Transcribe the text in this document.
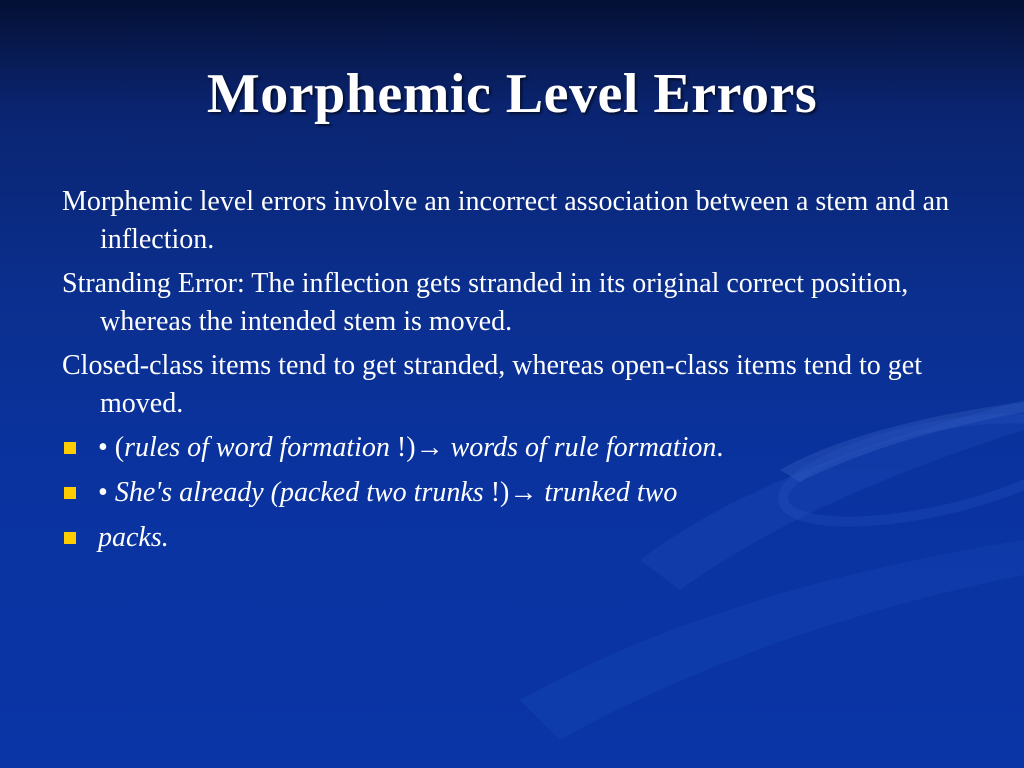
Morphemic Level Errors

Morphemic level errors involve an incorrect association between a stem and an inflection.

Stranding Error: The inflection gets stranded in its original correct position, whereas the intended stem is moved.

Closed-class items tend to get stranded, whereas open-class items tend to get moved.

• (rules of word formation !)→ words of rule formation.
• She's already (packed two trunks !)→ trunked two
packs.
